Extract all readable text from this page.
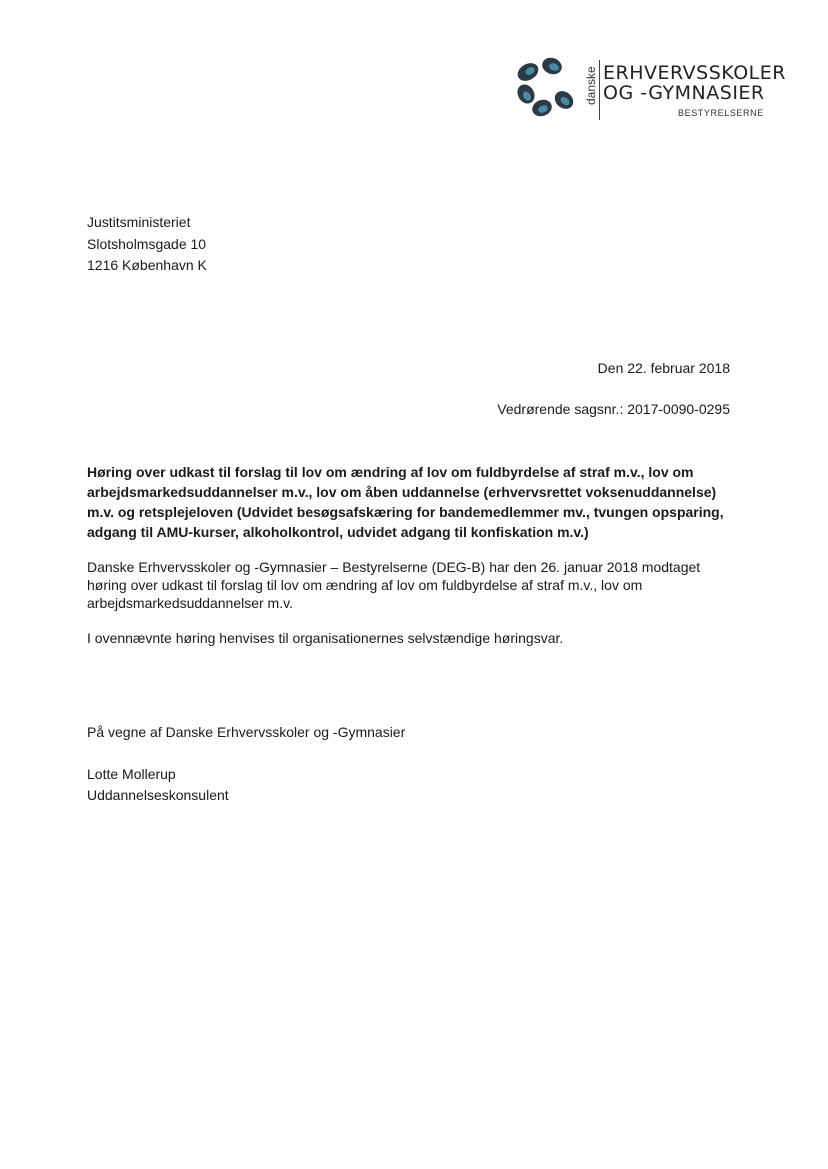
danske ERHVERVSSKOLER
OG -GYMNASIER
BESTYRELSERNE
Justitsministeriet
Slotsholmsgade 10
1216 København K
Den 22. februar 2018
Vedrørende sagsnr.: 2017-0090-0295
Høring over udkast til forslag til lov om ændring af lov om fuldbyrdelse af straf m.v., lov om arbejdsmarkedsuddannelser m.v., lov om åben uddannelse (erhvervsrettet voksenuddannelse) m.v. og retsplejeloven (Udvidet besøgsafskæring for bandemedlemmer mv., tvungen opsparing, adgang til AMU-kurser, alkoholkontrol, udvidet adgang til konfiskation m.v.)
Danske Erhvervsskoler og -Gymnasier – Bestyrelserne (DEG-B) har den 26. januar 2018 modtaget høring over udkast til forslag til lov om ændring af lov om fuldbyrdelse af straf m.v., lov om arbejdsmarkedsuddannelser m.v.
I ovennævnte høring henvises til organisationernes selvstændige høringsvar.
På vegne af Danske Erhvervsskoler og -Gymnasier
Lotte Mollerup
Uddannelseskonsulent
